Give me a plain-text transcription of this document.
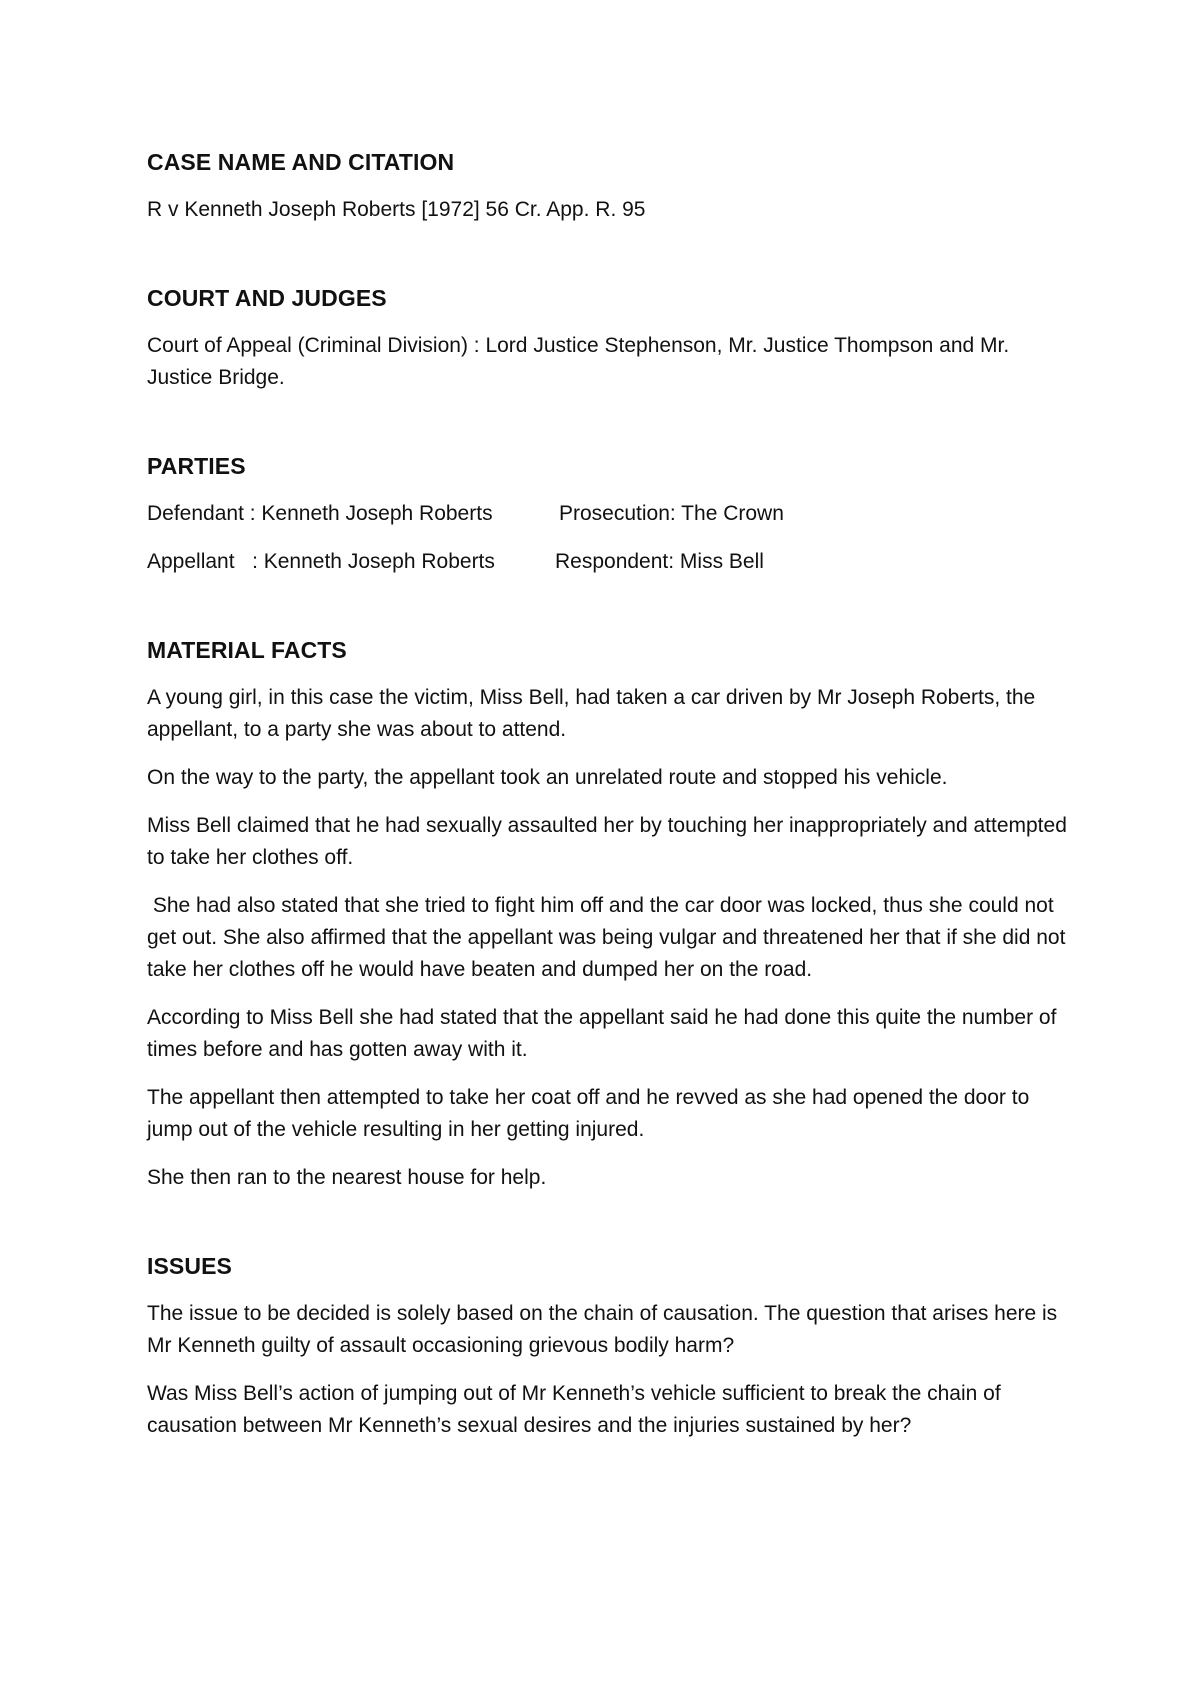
CASE NAME AND CITATION
R v Kenneth Joseph Roberts [1972] 56 Cr. App. R. 95
COURT AND JUDGES
Court of Appeal (Criminal Division) : Lord Justice Stephenson, Mr. Justice Thompson and Mr. Justice Bridge.
PARTIES
Defendant : Kenneth Joseph Roberts	Prosecution: The Crown
Appellant   : Kenneth Joseph Roberts	Respondent: Miss Bell
MATERIAL FACTS
A young girl, in this case the victim, Miss Bell, had taken a car driven by Mr Joseph Roberts, the appellant, to a party she was about to attend.
On the way to the party, the appellant took an unrelated route and stopped his vehicle.
Miss Bell claimed that he had sexually assaulted her by touching her inappropriately and attempted to take her clothes off.
She had also stated that she tried to fight him off and the car door was locked, thus she could not get out. She also affirmed that the appellant was being vulgar and threatened her that if she did not take her clothes off he would have beaten and dumped her on the road.
According to Miss Bell she had stated that the appellant said he had done this quite the number of times before and has gotten away with it.
The appellant then attempted to take her coat off and he revved as she had opened the door to jump out of the vehicle resulting in her getting injured.
She then ran to the nearest house for help.
ISSUES
The issue to be decided is solely based on the chain of causation. The question that arises here is Mr Kenneth guilty of assault occasioning grievous bodily harm?
Was Miss Bell’s action of jumping out of Mr Kenneth’s vehicle sufficient to break the chain of causation between Mr Kenneth’s sexual desires and the injuries sustained by her?
